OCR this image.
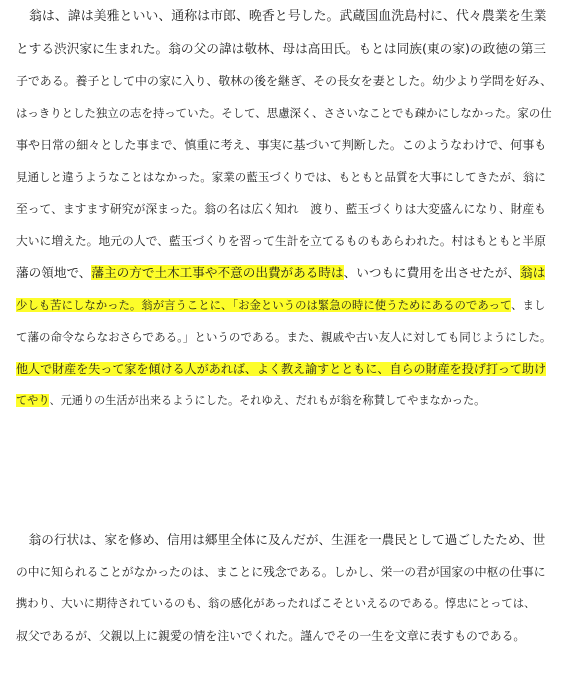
　翁は、諱は美雅といい、通称は市郎、晩香と号した。武蔵国血洗島村に、代々農業を生業
とする渋沢家に生まれた。翁の父の諱は敬林、母は高田氏。もとは同族(東の家)の政徳の第三
子である。養子として中の家に入り、敬林の後を継ぎ、その長女を妻とした。幼少より学問を好み、
はっきりとした独立の志を持っていた。そして、思慮深く、ささいなことでも疎かにしなかった。家の仕
事や日常の細々とした事まで、慎重に考え、事実に基づいて判断した。このようなわけで、何事も
見通しと違うようなことはなかった。家業の藍玉づくりでは、もともと品質を大事にしてきたが、翁に
至って、ますます研究が深まった。翁の名は広く知れ　渡り、藍玉づくりは大変盛んになり、財産も
大いに増えた。地元の人で、藍玉づくりを習って生計を立てるものもあらわれた。村はもともと半原
藩の領地で、藩主の方で土木工事や不意の出費がある時は、いつもに費用を出させたが、翁は
少しも苦にしなかった。翁が言うことに、「お金というのは緊急の時に使うためにあるのであって、まし
て藩の命令ならなおさらである。」というのである。また、親戚や古い友人に対しても同じようにした。
他人で財産を失って家を傾ける人があれば、よく教え諭すとともに、自らの財産を投げ打って助け
てやり、元通りの生活が出来るようにした。それゆえ、だれもが翁を称賛してやまなかった。
　翁の行状は、家を修め、信用は郷里全体に及んだが、生涯を一農民として過ごしたため、世
の中に知られることがなかったのは、まことに残念である。しかし、栄一の君が国家の中枢の仕事に
携わり、大いに期待されているのも、翁の感化があったればこそといえるのである。惇忠にとっては、
叔父であるが、父親以上に親愛の情を注いでくれた。謹んでその一生を文章に表すものである。
